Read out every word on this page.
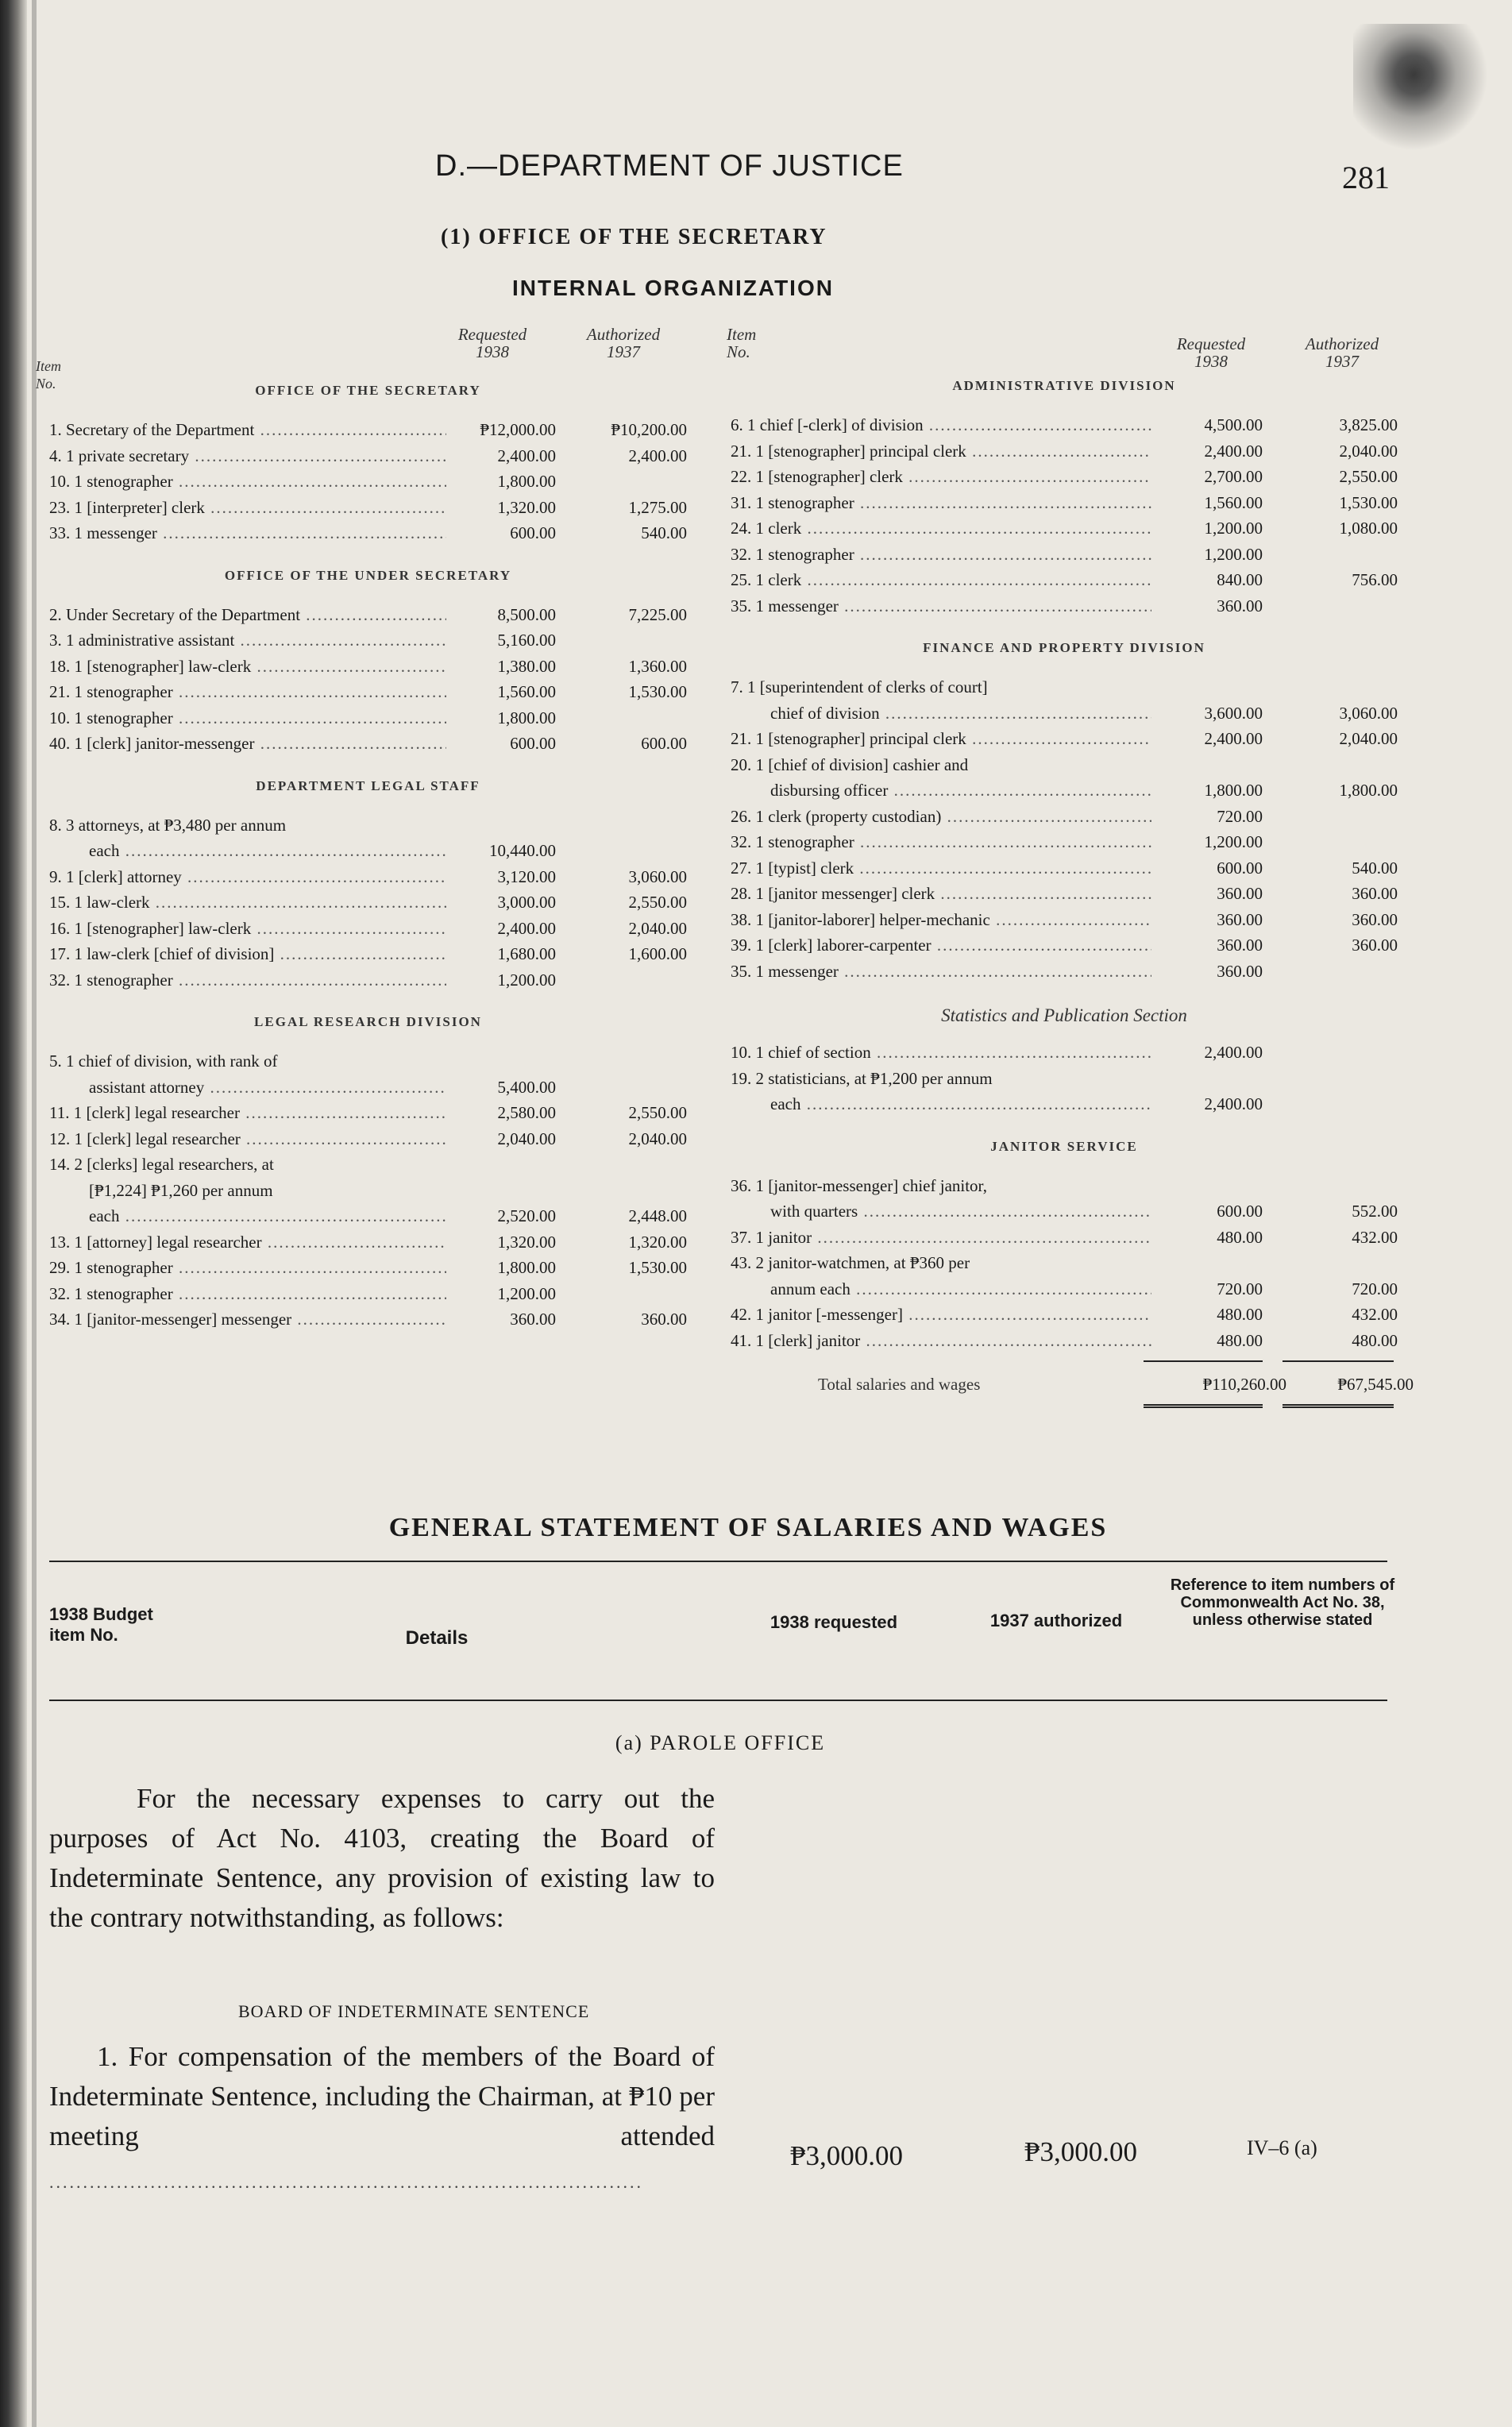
D.—DEPARTMENT OF JUSTICE	281
(1) OFFICE OF THE SECRETARY
INTERNAL ORGANIZATION
Item
No.
Requested
1938
Authorized
1937
Item
No.	Requested
1938
Authorized
1937
OFFICE OF THE SECRETARY
1. Secretary of the Department .....	₱12,000.00	₱10,200.00
4. 1 private secretary .....	2,400.00	2,400.00
10. 1 stenographer .....	1,800.00
23. 1 [interpreter] clerk .....	1,320.00	1,275.00
33. 1 messenger .....	600.00	540.00
OFFICE OF THE UNDER SECRETARY
2. Under Secretary of the Department .....	8,500.00	7,225.00
3. 1 administrative assistant .....	5,160.00
18. 1 [stenographer] law-clerk .....	1,380.00	1,360.00
21. 1 stenographer .....	1,560.00	1,530.00
10. 1 stenographer .....	1,800.00
40. 1 [clerk] janitor-messenger .....	600.00	600.00
DEPARTMENT LEGAL STAFF
8. 3 attorneys, at ₱3,480 per annum
each .....	10,440.00
9. 1 [clerk] attorney .....	3,120.00	3,060.00
15. 1 law-clerk .....	3,000.00	2,550.00
16. 1 [stenographer] law-clerk .....	2,400.00	2,040.00
17. 1 law-clerk [chief of division] .....	1,680.00	1,600.00
32. 1 stenographer .....	1,200.00
LEGAL RESEARCH DIVISION
5. 1 chief of division, with rank of
assistant attorney .....	5,400.00
11. 1 [clerk] legal researcher .....	2,580.00	2,550.00
12. 1 [clerk] legal researcher .....	2,040.00	2,040.00
14. 2 [clerks] legal researchers, at
[₱1,224] ₱1,260 per annum
each .....	2,520.00	2,448.00
13. 1 [attorney] legal researcher .....	1,320.00	1,320.00
29. 1 stenographer .....	1,800.00	1,530.00
32. 1 stenographer .....	1,200.00
34. 1 [janitor-messenger] messenger .....	360.00	360.00
ADMINISTRATIVE DIVISION
6. 1 chief [-clerk] of division .....	4,500.00	3,825.00
21. 1 [stenographer] principal clerk .....	2,400.00	2,040.00
22. 1 [stenographer] clerk .....	2,700.00	2,550.00
31. 1 stenographer .....	1,560.00	1,530.00
24. 1 clerk .....	1,200.00	1,080.00
32. 1 stenographer .....	1,200.00
25. 1 clerk .....	840.00	756.00
35. 1 messenger .....	360.00
FINANCE AND PROPERTY DIVISION
7. 1 [superintendent of clerks of court]
chief of division .....	3,600.00	3,060.00
21. 1 [stenographer] principal clerk .....	2,400.00	2,040.00
20. 1 [chief of division] cashier and
disbursing officer .....	1,800.00	1,800.00
26. 1 clerk (property custodian) .....	720.00
32. 1 stenographer .....	1,200.00
27. 1 [typist] clerk .....	600.00	540.00
28. 1 [janitor messenger] clerk .....	360.00	360.00
38. 1 [janitor-laborer] helper-mechanic .....	360.00	360.00
39. 1 [clerk] laborer-carpenter .....	360.00	360.00
35. 1 messenger .....	360.00
Statistics and Publication Section
10. 1 chief of section .....	2,400.00
19. 2 statisticians, at ₱1,200 per annum
each .....	2,400.00
JANITOR SERVICE
36. 1 [janitor-messenger] chief janitor,
with quarters .....	600.00	552.00
37. 1 janitor .....	480.00	432.00
43. 2 janitor-watchmen, at ₱360 per
annum each .....	720.00	720.00
42. 1 janitor [-messenger] .....	480.00	432.00
41. 1 [clerk] janitor .....	480.00	480.00
Total salaries and wages	₱110,260.00	₱67,545.00
GENERAL STATEMENT OF SALARIES AND WAGES
1938 Budget item No.	Details
1938 requested	1937 authorized
Reference to item numbers of Commonwealth Act No. 38, unless otherwise stated
(a) PAROLE OFFICE
For the necessary expenses to carry out the purposes of Act No. 4103, creating the Board of Indeterminate Sentence, any provision of existing law to the contrary notwithstanding, as follows:
BOARD OF INDETERMINATE SENTENCE
1. For compensation of the members of the Board of Indeterminate Sentence, including the Chairman, at ₱10 per meeting attended .....
₱3,000.00	₱3,000.00	IV–6 (a)
